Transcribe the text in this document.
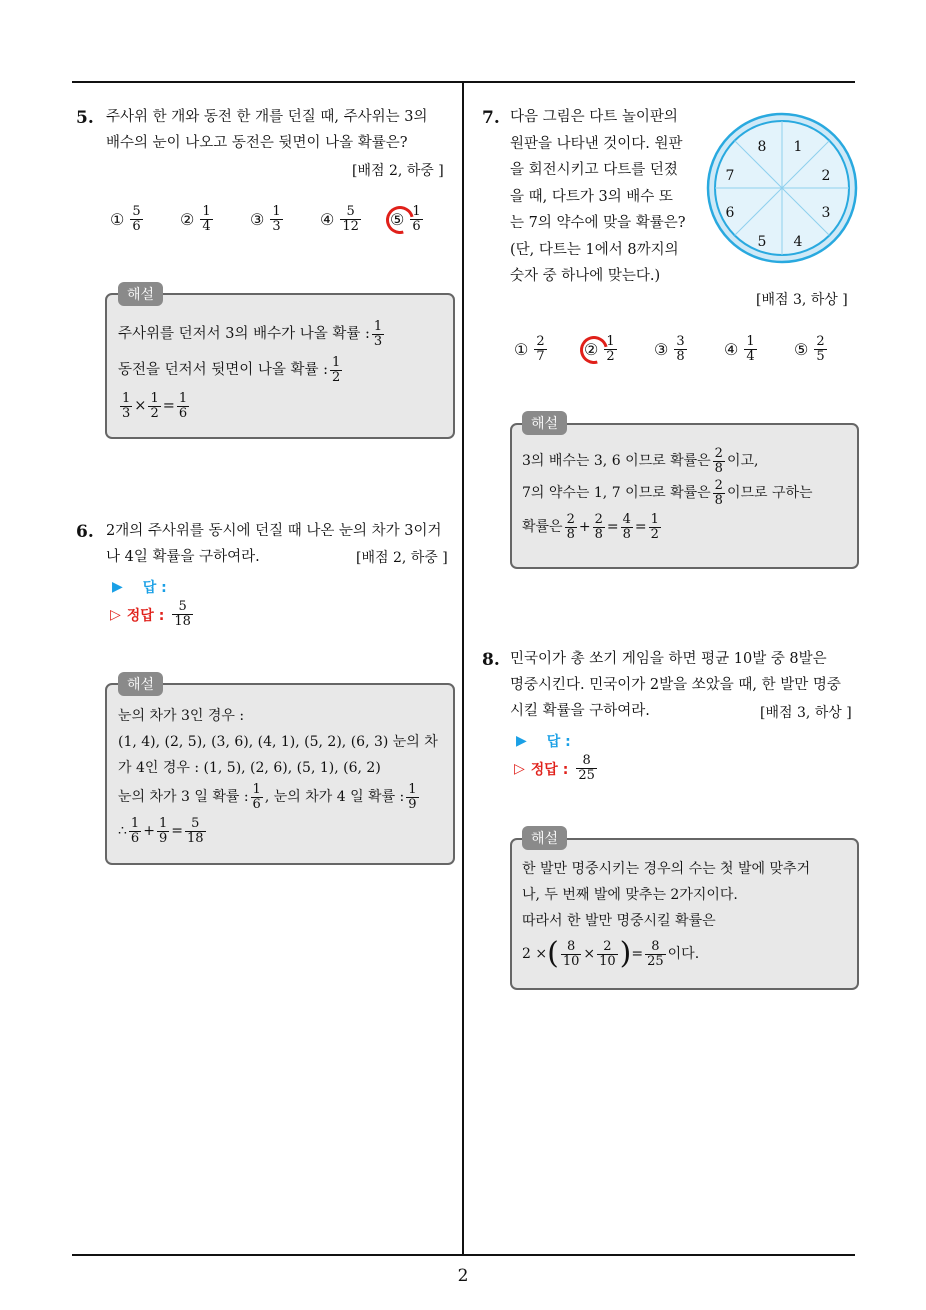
2
5. 주사위 한 개와 동전 한 개를 던질 때, 주사위는 3의

배수의 눈이 나오고 동전은 뒷면이 나올 확률은?

[배점 2, 하중 ]
① $\frac{5}{6}$ ② $\frac{1}{4}$ ③ $\frac{1}{3}$ ④ $\frac{5}{12}$ ⑤ $\frac{1}{6}$
해설
주사위를 던저서 3의 배수가 나올 확률 : $\frac{1}{3}$
동전을 던저서 뒷면이 나올 확률 : $\frac{1}{2}$
$\frac{1}{3} \times \frac{1}{2} = \frac{1}{6}$
6. 2개의 주사위를 동시에 던질 때 나온 눈의 차가 3이거

나 4일 확률을 구하여라.	[배점 2, 하중 ]
▶ 답 :
▷ 정답 : $\frac{5}{18}$
해설
눈의 차가 3인 경우 :
(1, 4), (2, 5), (3, 6), (4, 1), (5, 2), (6, 3) 눈의 차
가 4인 경우 : (1, 5), (2, 6), (5, 1), (6, 2)
눈의 차가 3 일 확률 : $\frac{1}{6}$ , 눈의 차가 4 일 확률 : $\frac{1}{9}$
∴ $\frac{1}{6} + \frac{1}{9} = \frac{5}{18}$
7. 다음 그림은 다트 놀이판의

원판을 나타낸 것이다. 원판

을 회전시키고 다트를 던졌

을 때, 다트가 3의 배수 또

는 7의 약수에 맞을 확률은?

(단, 다트는 1에서 8까지의

숫자 중 하나에 맞는다.)

1
2
3
4
5
6
7
8
[배점 3, 하상 ]
① $\frac{2}{7}$ ② $\frac{1}{2}$ ③ $\frac{3}{8}$ ④ $\frac{1}{4}$ ⑤ $\frac{2}{5}$
해설
3의 배수는 3, 6 이므로 확률은 $\frac{2}{8}$ 이고,
7의 약수는 1, 7 이므로 확률은 $\frac{2}{8}$ 이므로 구하는
확률은 $\frac{2}{8} + \frac{2}{8} = \frac{4}{8} = \frac{1}{2}$
8. 민국이가 총 쏘기 게임을 하면 평균 10발 중 8발은

명중시킨다. 민국이가 2발을 쏘았을 때, 한 발만 명중

시킬 확률을 구하여라.	[배점 3, 하상 ]
▶ 답 :
▷ 정답 : $\frac{8}{25}$
해설
한 발만 명중시키는 경우의 수는 첫 발에 맞추거
나, 두 번째 발에 맞추는 2가지이다.
따라서 한 발만 명중시킬 확률은
2 × ( $\frac{8}{10} \times \frac{2}{10}$ ) = $\frac{8}{25}$ 이다.
